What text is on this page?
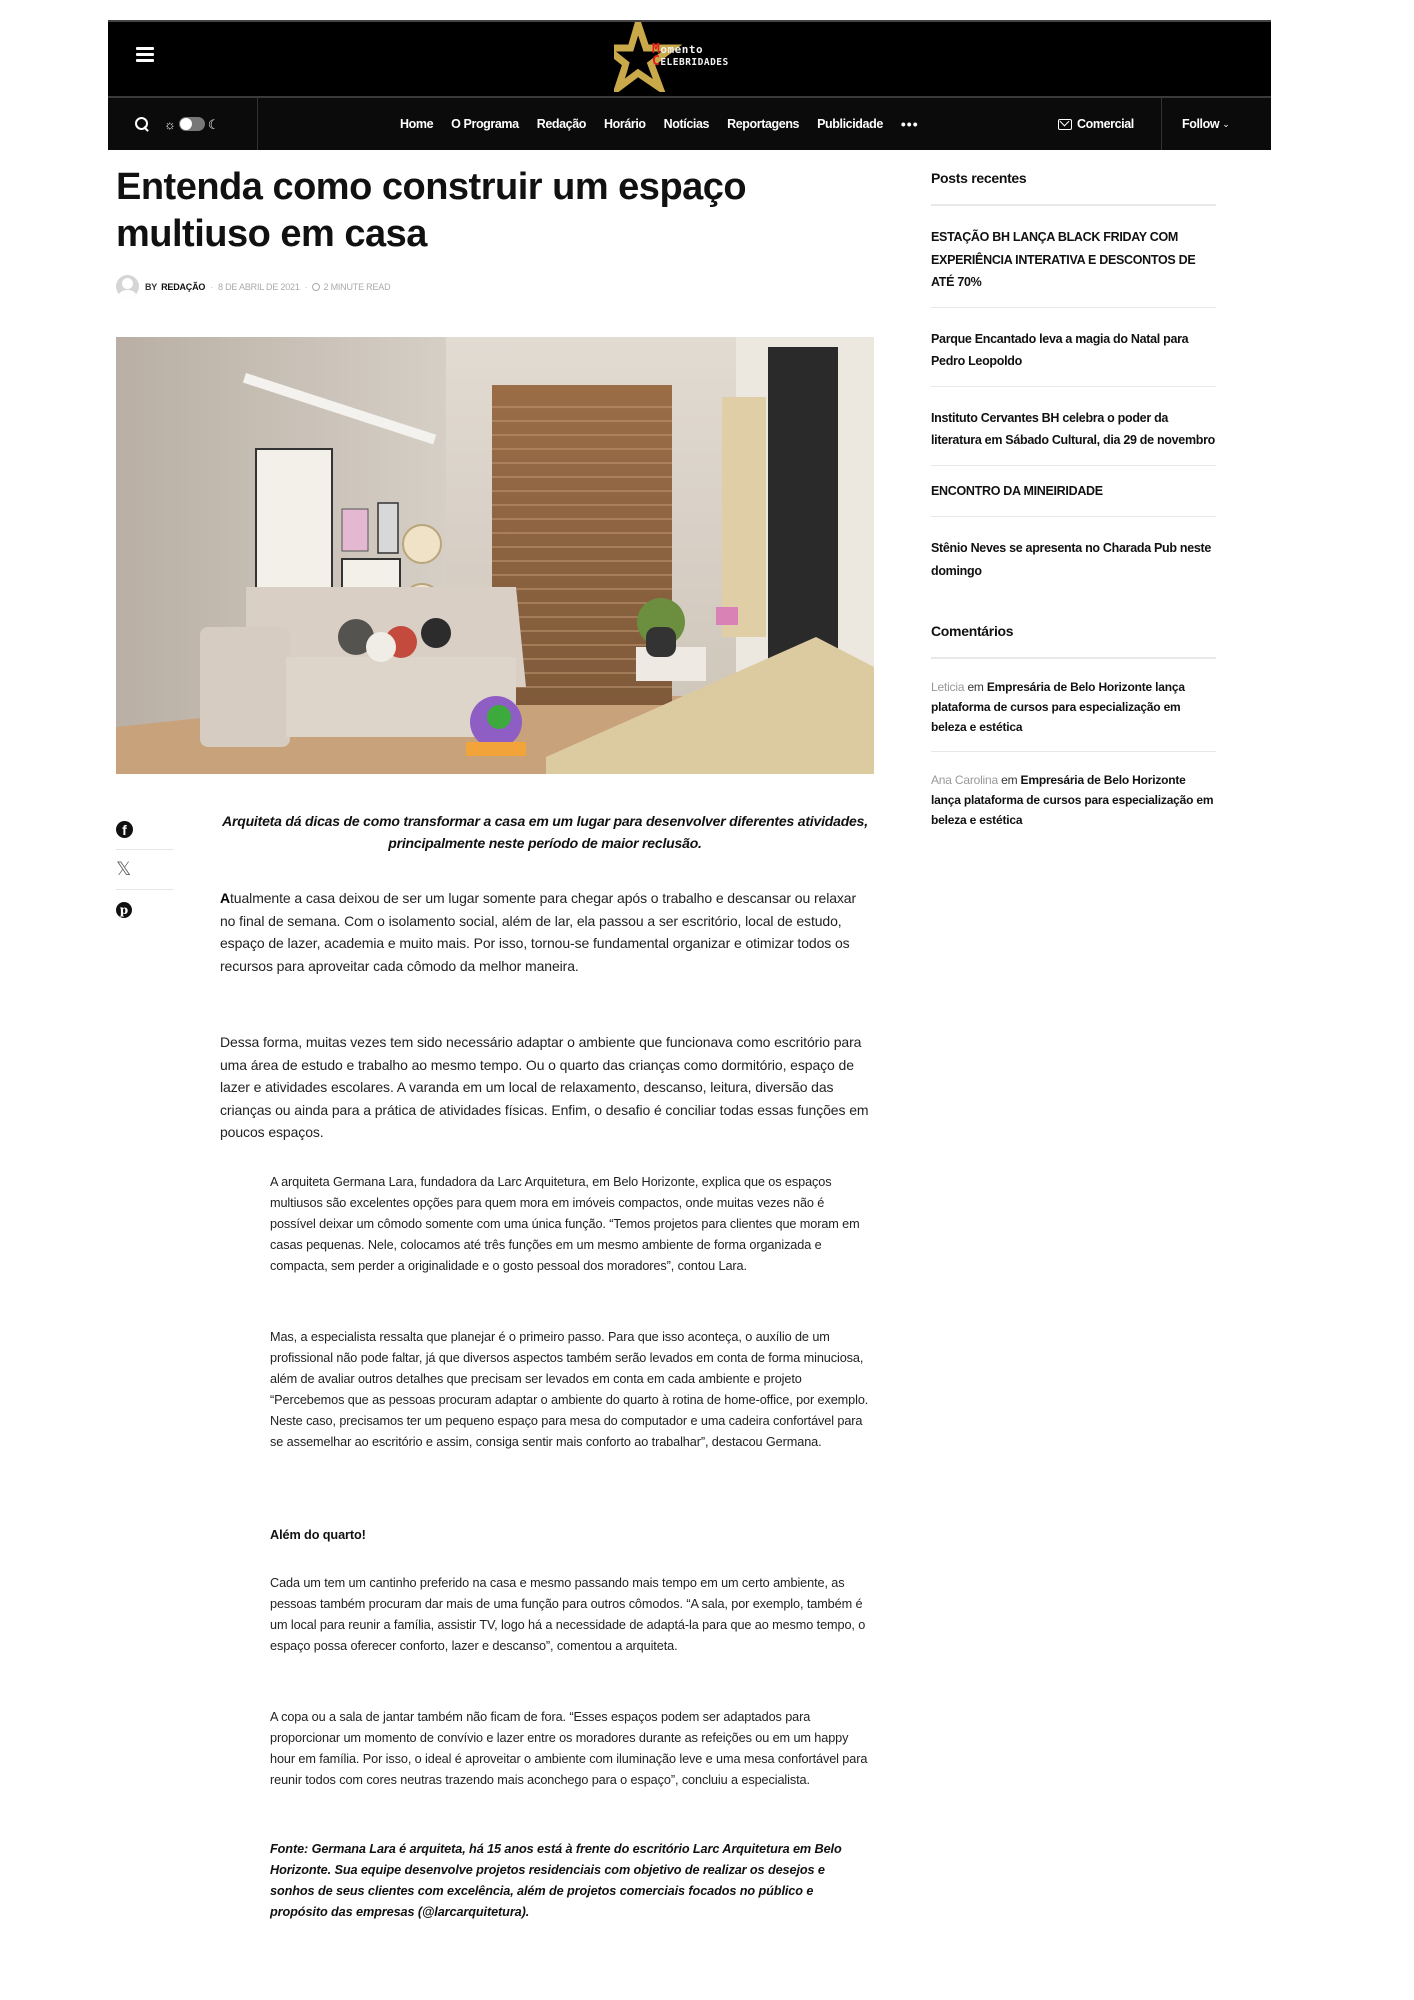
Momento
CELEBRIDADES
☼ ☾	Home O Programa Redação Horário Notícias Reportagens Publicidade •••	Comercial	Follow ⌄
Entenda como construir um espaço multiuso em casa
BY REDAÇÃO · 8 DE ABRIL DE 2021 · 2 MINUTE READ
f
𝕏
p

Arquiteta dá dicas de como transformar a casa em um lugar para desenvolver diferentes atividades, principalmente neste período de maior reclusão.

Atualmente a casa deixou de ser um lugar somente para chegar após o trabalho e descansar ou relaxar no final de semana. Com o isolamento social, além de lar, ela passou a ser escritório, local de estudo, espaço de lazer, academia e muito mais. Por isso, tornou-se fundamental organizar e otimizar todos os recursos para aproveitar cada cômodo da melhor maneira.

Dessa forma, muitas vezes tem sido necessário adaptar o ambiente que funcionava como escritório para uma área de estudo e trabalho ao mesmo tempo. Ou o quarto das crianças como dormitório, espaço de lazer e atividades escolares. A varanda em um local de relaxamento, descanso, leitura, diversão das crianças ou ainda para a prática de atividades físicas. Enfim, o desafio é conciliar todas essas funções em poucos espaços.

A arquiteta Germana Lara, fundadora da Larc Arquitetura, em Belo Horizonte, explica que os espaços multiusos são excelentes opções para quem mora em imóveis compactos, onde muitas vezes não é possível deixar um cômodo somente com uma única função. “Temos projetos para clientes que moram em casas pequenas. Nele, colocamos até três funções em um mesmo ambiente de forma organizada e compacta, sem perder a originalidade e o gosto pessoal dos moradores”, contou Lara.

Mas, a especialista ressalta que planejar é o primeiro passo. Para que isso aconteça, o auxílio de um profissional não pode faltar, já que diversos aspectos também serão levados em conta de forma minuciosa, além de avaliar outros detalhes que precisam ser levados em conta em cada ambiente e projeto “Percebemos que as pessoas procuram adaptar o ambiente do quarto à rotina de home-office, por exemplo. Neste caso, precisamos ter um pequeno espaço para mesa do computador e uma cadeira confortável para se assemelhar ao escritório e assim, consiga sentir mais conforto ao trabalhar”, destacou Germana.

Além do quarto!

Cada um tem um cantinho preferido na casa e mesmo passando mais tempo em um certo ambiente, as pessoas também procuram dar mais de uma função para outros cômodos. “A sala, por exemplo, também é um local para reunir a família, assistir TV, logo há a necessidade de adaptá-la para que ao mesmo tempo, o espaço possa oferecer conforto, lazer e descanso”, comentou a arquiteta.

A copa ou a sala de jantar também não ficam de fora. “Esses espaços podem ser adaptados para proporcionar um momento de convívio e lazer entre os moradores durante as refeições ou em um happy hour em família. Por isso, o ideal é aproveitar o ambiente com iluminação leve e uma mesa confortável para reunir todos com cores neutras trazendo mais aconchego para o espaço”, concluiu a especialista.

Fonte: Germana Lara é arquiteta, há 15 anos está à frente do escritório Larc Arquitetura em Belo Horizonte. Sua equipe desenvolve projetos residenciais com objetivo de realizar os desejos e sonhos de seus clientes com excelência, além de projetos comerciais focados no público e propósito das empresas (@larcarquitetura).

Posts recentes
ESTAÇÃO BH LANÇA BLACK FRIDAY COM EXPERIÊNCIA INTERATIVA E DESCONTOS DE ATÉ 70%
Parque Encantado leva a magia do Natal para Pedro Leopoldo
Instituto Cervantes BH celebra o poder da literatura em Sábado Cultural, dia 29 de novembro
ENCONTRO DA MINEIRIDADE
Stênio Neves se apresenta no Charada Pub neste domingo
Comentários
Leticia em Empresária de Belo Horizonte lança plataforma de cursos para especialização em beleza e estética
Ana Carolina em Empresária de Belo Horizonte lança plataforma de cursos para especialização em beleza e estética
